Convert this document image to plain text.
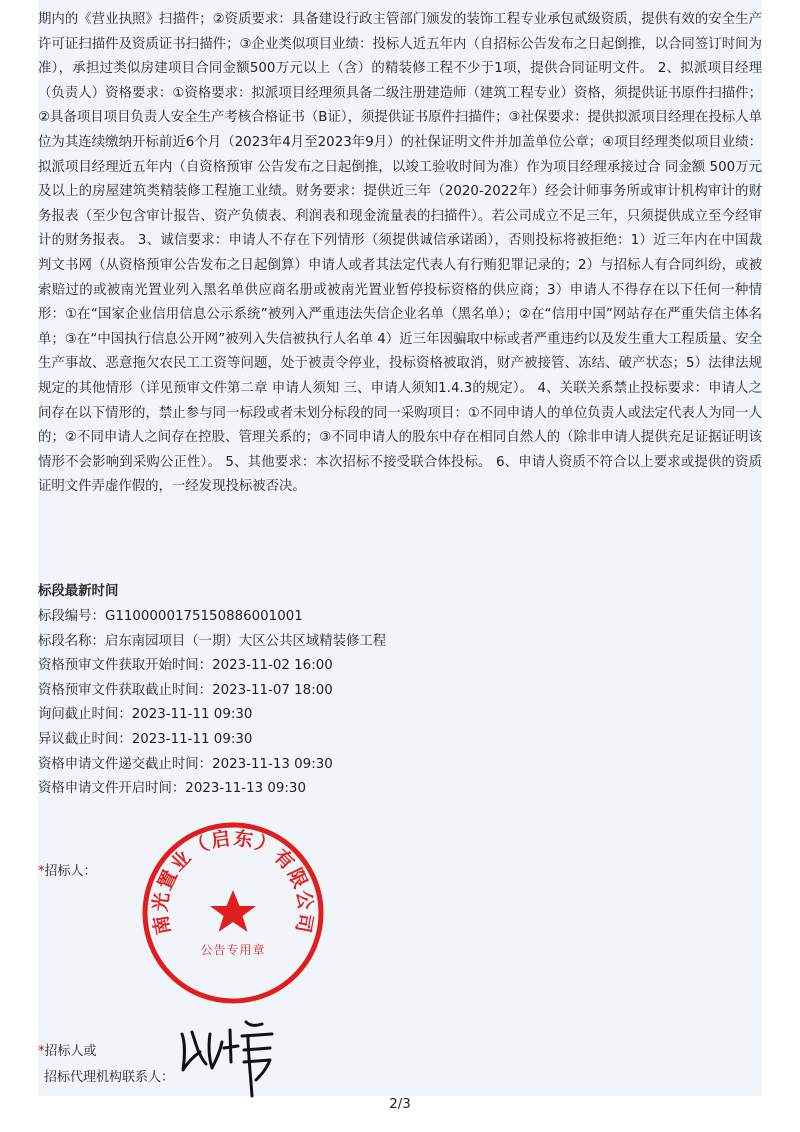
期内的《营业执照》扫描件；②资质要求：具备建设行政主管部门颁发的装饰工程专业承包贰级资质，提供有效的安全生产许可证扫描件及资质证书扫描件；③企业类似项目业绩：投标人近五年内（自招标公告发布之日起倒推，以合同签订时间为准），承担过类似房建项目合同金额500万元以上（含）的精装修工程不少于1项，提供合同证明文件。 2、拟派项目经理（负责人）资格要求：①资格要求：拟派项目经理须具备二级注册建造师（建筑工程专业）资格，须提供证书原件扫描件；②具备项目项目负责人安全生产考核合格证书（B证），须提供证书原件扫描件；③社保要求：提供拟派项目经理在投标人单位为其连续缴纳开标前近6个月（2023年4月至2023年9月）的社保证明文件并加盖单位公章；④项目经理类似项目业绩：拟派项目经理近五年内（自资格预审 公告发布之日起倒推，以竣工验收时间为准）作为项目经理承接过合 同金额 500万元及以上的房屋建筑类精装修工程施工业绩。财务要求：提供近三年（2020-2022年）经会计师事务所或审计机构审计的财务报表（至少包含审计报告、资产负债表、利润表和现金流量表的扫描件）。若公司成立不足三年，只须提供成立至今经审计的财务报表。 3、诚信要求：申请人不存在下列情形（须提供诚信承诺函），否则投标将被拒绝：1）近三年内在中国裁判文书网（从资格预审公告发布之日起倒算）申请人或者其法定代表人有行贿犯罪记录的；2）与招标人有合同纠纷，或被索赔过的或被南光置业列入黑名单供应商名册或被南光置业暂停投标资格的供应商；3）申请人不得存在以下任何一种情形：①在“国家企业信用信息公示系统”被列入严重违法失信企业名单（黑名单）；②在“信用中国”网站存在严重失信主体名单；③在“中国执行信息公开网”被列入失信被执行人名单 4）近三年因骗取中标或者严重违约以及发生重大工程质量、安全生产事故、恶意拖欠农民工工资等问题，处于被责令停业，投标资格被取消，财产被接管、冻结、破产状态；5）法律法规规定的其他情形（详见预审文件第二章 申请人须知 三、申请人须知1.4.3的规定）。 4、关联关系禁止投标要求：申请人之间存在以下情形的，禁止参与同一标段或者未划分标段的同一采购项目：①不同申请人的单位负责人或法定代表人为同一人的；②不同申请人之间存在控股、管理关系的；③不同申请人的股东中存在相同自然人的（除非申请人提供充足证据证明该情形不会影响到采购公正性）。 5、其他要求：本次招标不接受联合体投标。 6、申请人资质不符合以上要求或提供的资质证明文件弄虚作假的，一经发现投标被否决。

标段最新时间
标段编号：G1100000175150886001001
标段名称：启东南园项目（一期）大区公共区域精装修工程
资格预审文件获取开始时间：2023-11-02 16:00
资格预审文件获取截止时间：2023-11-07 18:00
询问截止时间：2023-11-11 09:30
异议截止时间：2023-11-11 09:30
资格申请文件递交截止时间：2023-11-13 09:30
资格申请文件开启时间：2023-11-13 09:30
*招标人：
南光置业（启东）有限公司
公告专用章
*招标人或
招标代理机构联系人：
2/3
